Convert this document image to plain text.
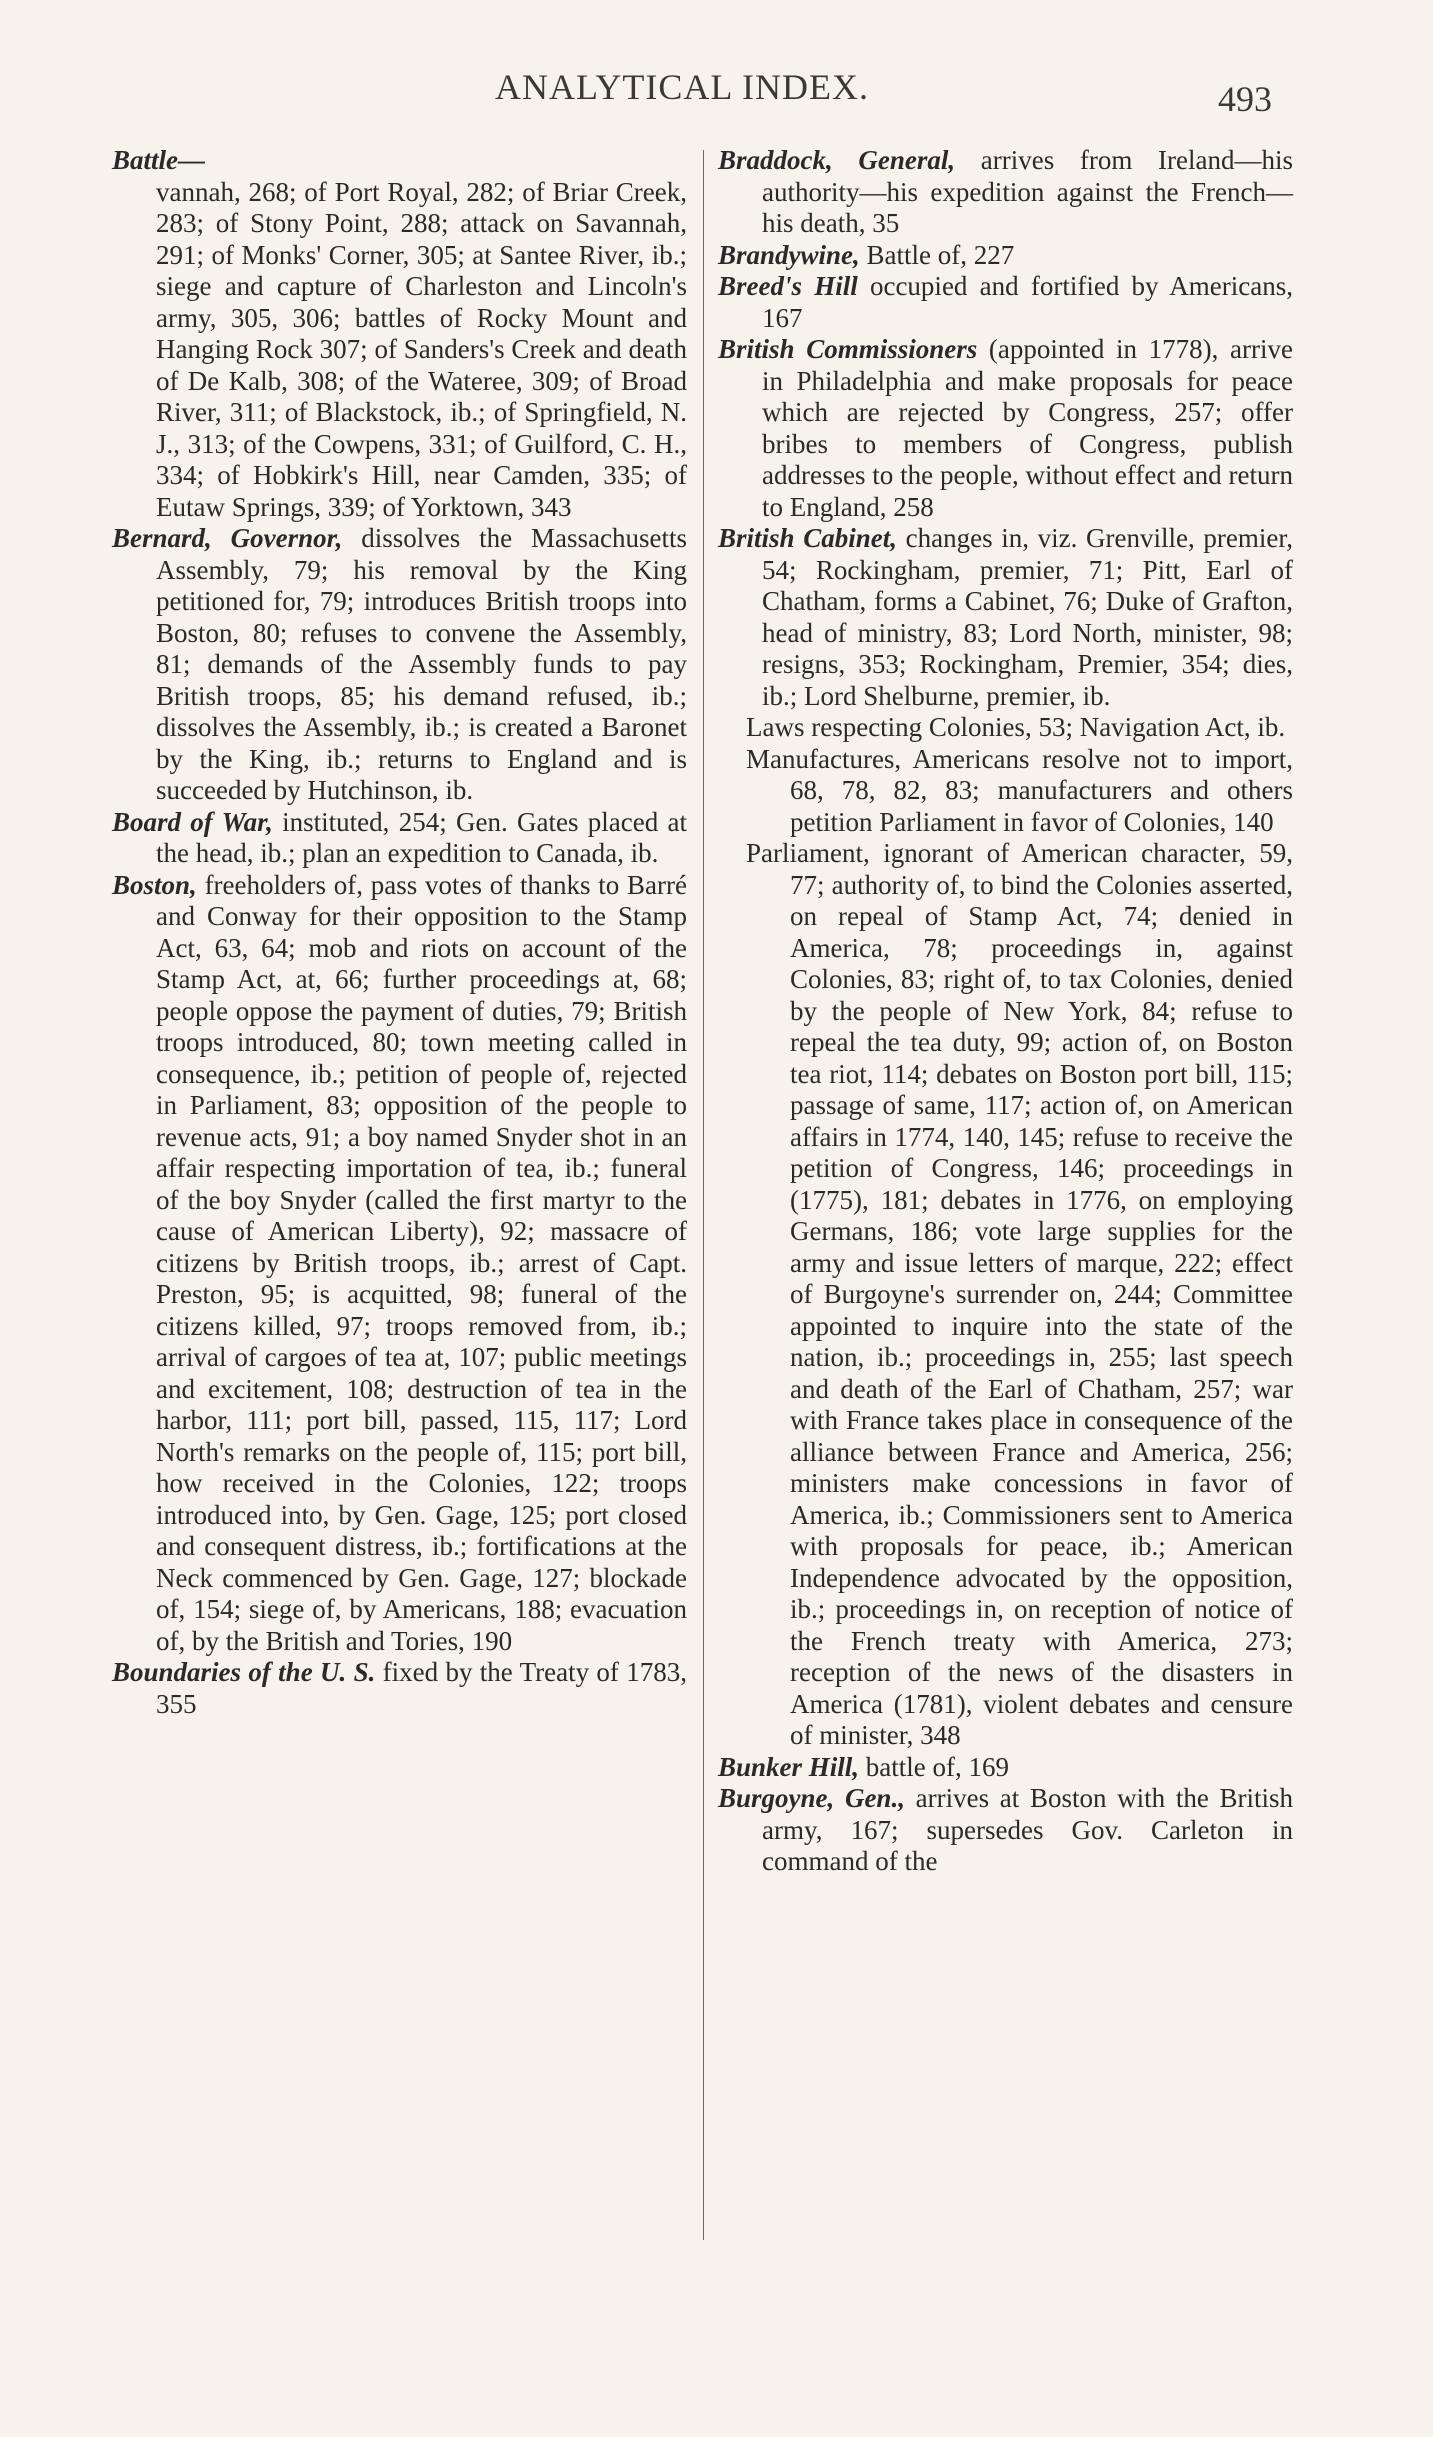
ANALYTICAL INDEX.	493

Battle—
vannah, 268; of Port Royal, 282; of Briar Creek, 283; of Stony Point, 288; attack on Savannah, 291; of Monks' Corner, 305; at Santee River, ib.; siege and capture of Charleston and Lincoln's army, 305, 306; battles of Rocky Mount and Hanging Rock 307; of Sanders's Creek and death of De Kalb, 308; of the Wateree, 309; of Broad River, 311; of Blackstock, ib.; of Springfield, N. J., 313; of the Cowpens, 331; of Guilford, C. H., 334; of Hobkirk's Hill, near Camden, 335; of Eutaw Springs, 339; of Yorktown, 343

Bernard, Governor, dissolves the Massachusetts Assembly, 79; his removal by the King petitioned for, 79; introduces British troops into Boston, 80; refuses to convene the Assembly, 81; demands of the Assembly funds to pay British troops, 85; his demand refused, ib.; dissolves the Assembly, ib.; is created a Baronet by the King, ib.; returns to England and is succeeded by Hutchinson, ib.

Board of War, instituted, 254; Gen. Gates placed at the head, ib.; plan an expedition to Canada, ib.

Boston, freeholders of, pass votes of thanks to Barré and Conway for their opposition to the Stamp Act, 63, 64; mob and riots on account of the Stamp Act, at, 66; further proceedings at, 68; people oppose the payment of duties, 79; British troops introduced, 80; town meeting called in consequence, ib.; petition of people of, rejected in Parliament, 83; opposition of the people to revenue acts, 91; a boy named Snyder shot in an affair respecting importation of tea, ib.; funeral of the boy Snyder (called the first martyr to the cause of American Liberty), 92; massacre of citizens by British troops, ib.; arrest of Capt. Preston, 95; is acquitted, 98; funeral of the citizens killed, 97; troops removed from, ib.; arrival of cargoes of tea at, 107; public meetings and excitement, 108; destruction of tea in the harbor, 111; port bill, passed, 115, 117; Lord North's remarks on the people of, 115; port bill, how received in the Colonies, 122; troops introduced into, by Gen. Gage, 125; port closed and consequent distress, ib.; fortifications at the Neck commenced by Gen. Gage, 127; blockade of, 154; siege of, by Americans, 188; evacuation of, by the British and Tories, 190

Boundaries of the U. S. fixed by the Treaty of 1783, 355

Braddock, General, arrives from Ireland—his authority—his expedition against the French—his death, 35

Brandywine, Battle of, 227

Breed's Hill occupied and fortified by Americans, 167

British Commissioners (appointed in 1778), arrive in Philadelphia and make proposals for peace which are rejected by Congress, 257; offer bribes to members of Congress, publish addresses to the people, without effect and return to England, 258

British Cabinet, changes in, viz. Grenville, premier, 54; Rockingham, premier, 71; Pitt, Earl of Chatham, forms a Cabinet, 76; Duke of Grafton, head of ministry, 83; Lord North, minister, 98; resigns, 353; Rockingham, Premier, 354; dies, ib.; Lord Shelburne, premier, ib.

Laws respecting Colonies, 53; Navigation Act, ib.

Manufactures, Americans resolve not to import, 68, 78, 82, 83; manufacturers and others petition Parliament in favor of Colonies, 140

Parliament, ignorant of American character, 59, 77; authority of, to bind the Colonies asserted, on repeal of Stamp Act, 74; denied in America, 78; proceedings in, against Colonies, 83; right of, to tax Colonies, denied by the people of New York, 84; refuse to repeal the tea duty, 99; action of, on Boston tea riot, 114; debates on Boston port bill, 115; passage of same, 117; action of, on American affairs in 1774, 140, 145; refuse to receive the petition of Congress, 146; proceedings in (1775), 181; debates in 1776, on employing Germans, 186; vote large supplies for the army and issue letters of marque, 222; effect of Burgoyne's surrender on, 244; Committee appointed to inquire into the state of the nation, ib.; proceedings in, 255; last speech and death of the Earl of Chatham, 257; war with France takes place in consequence of the alliance between France and America, 256; ministers make concessions in favor of America, ib.; Commissioners sent to America with proposals for peace, ib.; American Independence advocated by the opposition, ib.; proceedings in, on reception of notice of the French treaty with America, 273; reception of the news of the disasters in America (1781), violent debates and censure of minister, 348

Bunker Hill, battle of, 169

Burgoyne, Gen., arrives at Boston with the British army, 167; supersedes Gov. Carleton in command of the
